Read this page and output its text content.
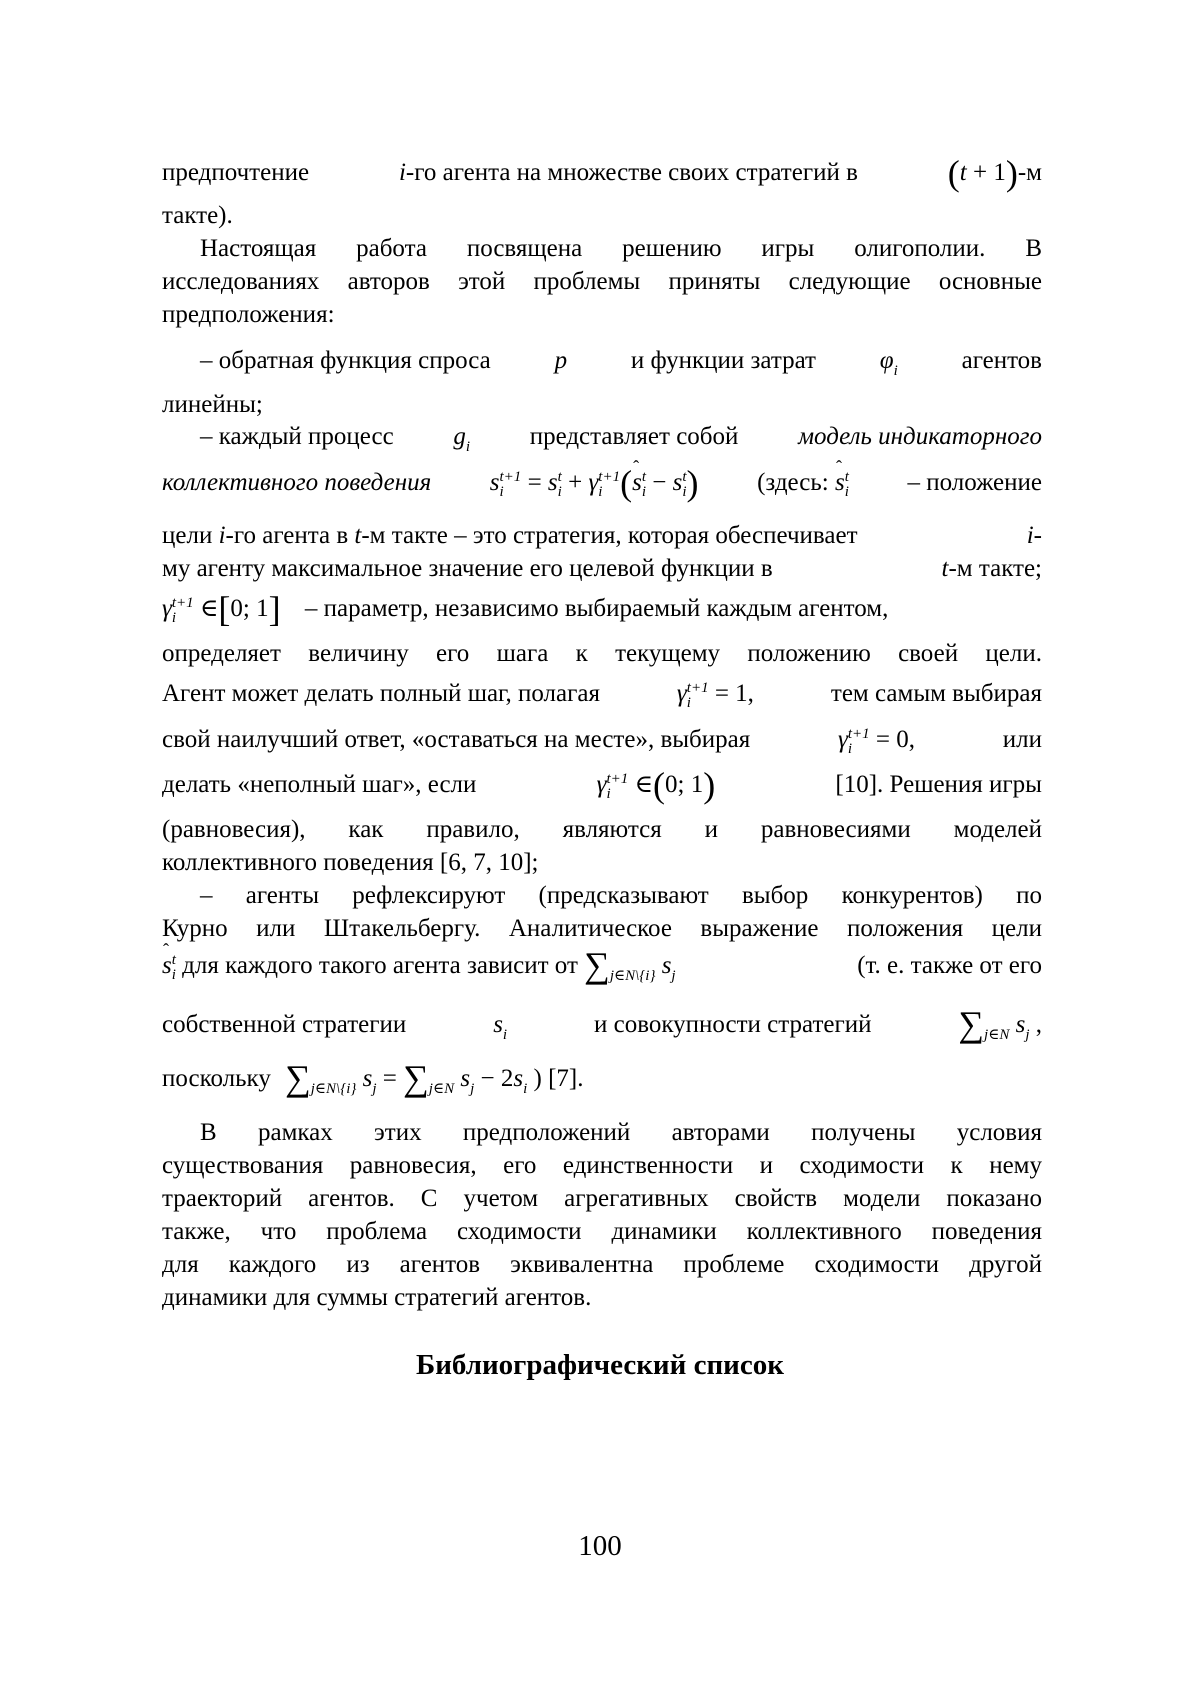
предпочтение	i-го агента на множестве своих стратегий в (t + 1)-м
такте).
Настоящая работа посвящена решению игры олигополии. В
исследованиях авторов этой проблемы приняты следующие основные
предположения:
– обратная функция спроса	p	и функции затрат	$\varphi_i$	агентов
линейны;
– каждый процесс $g_i$ представляет собой модель индикаторного
коллективного поведения s t+1
i = s t
i + γ t+1
i (ˆ s t
i − s t
i ) (здесь: ˆ s t
i – положение
цели i-го агента в t-м такте – это стратегия, которая обеспечивает	i-
му агенту максимальное значение его целевой функции в	t-м такте;
γ t+1
i ∈[0; 1] – параметр, независимо выбираемый каждым агентом,
определяет величину его шага к текущему положению своей цели.
Агент может делать полный шаг, полагая	γ t+1
i = 1,	тем самым выбирая
свой наилучший ответ, «оставаться на месте», выбирая	γ t+1
i = 0,	или
делать «неполный шаг», если	γ t+1
i ∈(0; 1)	[10]. Решения игры
(равновесия), как правило, являются и равновесиями моделей
коллективного поведения [6, 7, 10];
– агенты рефлексируют (предсказывают выбор конкурентов) по
Курно или Штакельбергу. Аналитическое выражение положения цели
ˆ s t
i для каждого такого агента зависит от $\sum_{j\in N\backslash\{i\}}$ $s_j$	(т. е. также от его
собственной стратегии	$s_i$	и совокупности стратегий $\sum_{j\in N}$ $s_j$ ,
поскольку $\sum_{j\in N\backslash\{i\}}$ $s_j = \sum_{j\in N}$ $s_j - 2s_i$ ) [7].
В рамках этих предположений авторами получены условия
существования равновесия, его единственности и сходимости к нему
траекторий агентов. С учетом агрегативных свойств модели показано
также, что проблема сходимости динамики коллективного поведения
для каждого из агентов эквивалентна проблеме сходимости другой
динамики для суммы стратегий агентов.
Библиографический список
100
